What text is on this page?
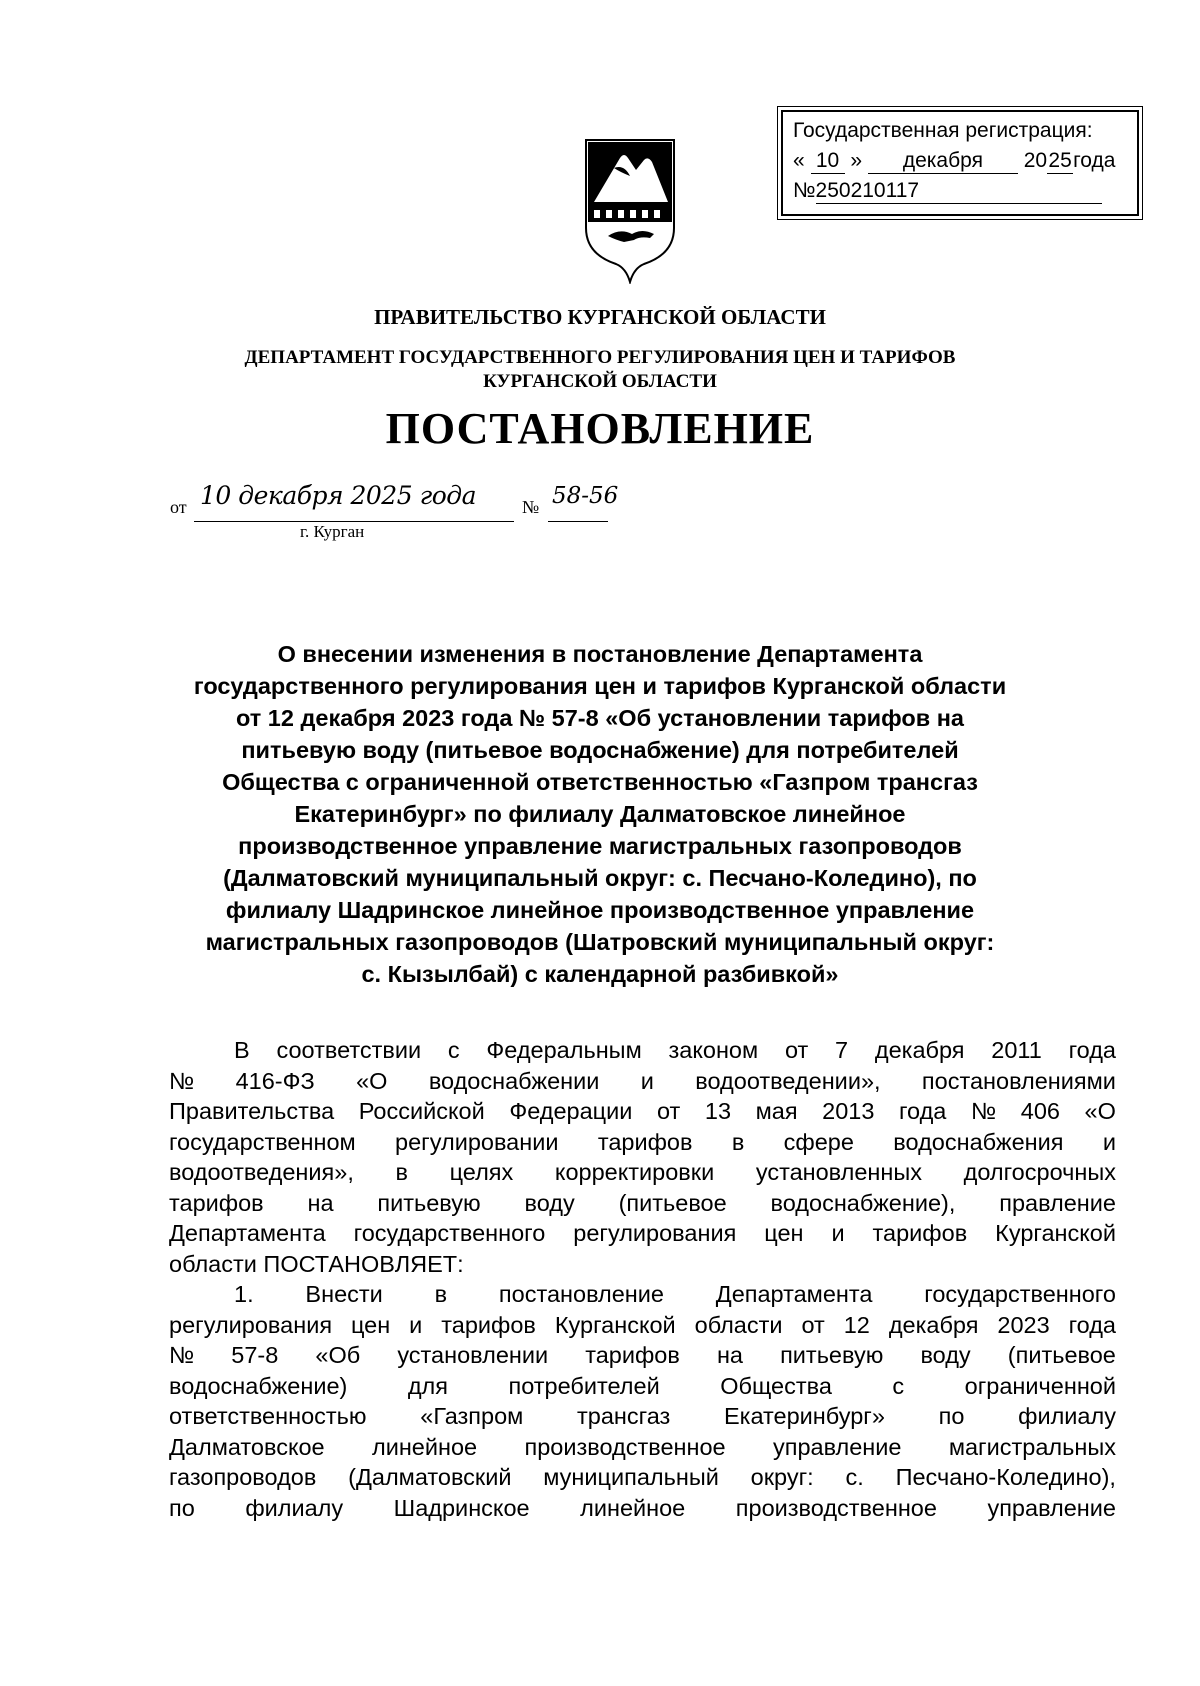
Государственная регистрация:
« 10 » декабря 2025года
№250210117
ПРАВИТЕЛЬСТВО КУРГАНСКОЙ ОБЛАСТИ
ДЕПАРТАМЕНТ ГОСУДАРСТВЕННОГО РЕГУЛИРОВАНИЯ ЦЕН И ТАРИФОВ
КУРГАНСКОЙ ОБЛАСТИ
ПОСТАНОВЛЕНИЕ
от 10 декабря 2025 года	№ 58-56
г. Курган
О внесении изменения в постановление Департамента
государственного регулирования цен и тарифов Курганской области
от 12 декабря 2023 года № 57-8 «Об установлении тарифов на
питьевую воду (питьевое водоснабжение) для потребителей
Общества с ограниченной ответственностью «Газпром трансгаз
Екатеринбург» по филиалу Далматовское линейное
производственное управление магистральных газопроводов
(Далматовский муниципальный округ: с. Песчано-Коледино), по
филиалу Шадринское линейное производственное управление
магистральных газопроводов (Шатровский муниципальный округ:
с. Кызылбай) с календарной разбивкой»
В соответствии с Федеральным законом от 7 декабря 2011 года
№ 416-ФЗ «О водоснабжении и водоотведении», постановлениями
Правительства Российской Федерации от 13 мая 2013 года № 406 «О
государственном регулировании тарифов в сфере водоснабжения и
водоотведения», в целях корректировки установленных долгосрочных
тарифов на питьевую воду (питьевое водоснабжение), правление
Департамента государственного регулирования цен и тарифов Курганской
области ПОСТАНОВЛЯЕТ:
1. Внести в постановление Департамента государственного
регулирования цен и тарифов Курганской области от 12 декабря 2023 года
№ 57-8 «Об установлении тарифов на питьевую воду (питьевое
водоснабжение)	для	потребителей	Общества	с	ограниченной
ответственностью «Газпром трансгаз Екатеринбург» по филиалу
Далматовское линейное производственное управление магистральных
газопроводов (Далматовский муниципальный округ: с. Песчано-Коледино),
по филиалу Шадринское линейное производственное управление
